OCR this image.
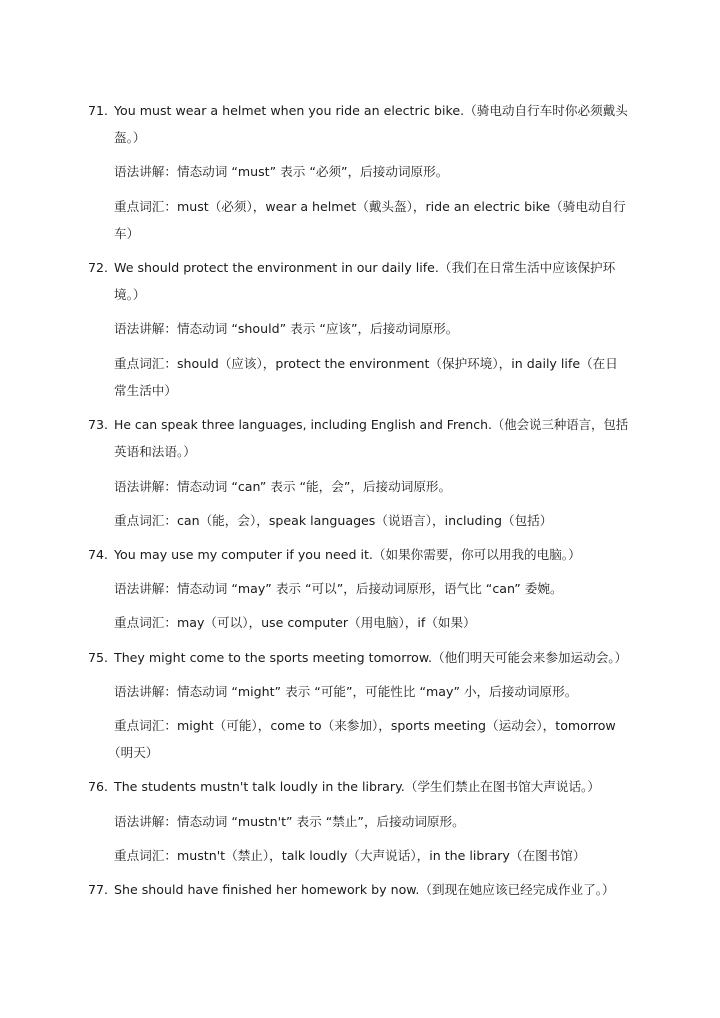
71. You must wear a helmet when you ride an electric bike.（骑电动自行车时你必须戴头
盔。）
语法讲解：情态动词 “must” 表示 “必须”，后接动词原形。
重点词汇：must（必须），wear a helmet（戴头盔），ride an electric bike（骑电动自行
车）
72. We should protect the environment in our daily life.（我们在日常生活中应该保护环
境。）
语法讲解：情态动词 “should” 表示 “应该”，后接动词原形。
重点词汇：should（应该），protect the environment（保护环境），in daily life（在日
常生活中）
73. He can speak three languages, including English and French.（他会说三种语言，包括
英语和法语。）
语法讲解：情态动词 “can” 表示 “能，会”，后接动词原形。
重点词汇：can（能，会），speak languages（说语言），including（包括）
74. You may use my computer if you need it.（如果你需要，你可以用我的电脑。）
语法讲解：情态动词 “may” 表示 “可以”，后接动词原形，语气比 “can” 委婉。
重点词汇：may（可以），use computer（用电脑），if（如果）
75. They might come to the sports meeting tomorrow.（他们明天可能会来参加运动会。）
语法讲解：情态动词 “might” 表示 “可能”，可能性比 “may” 小，后接动词原形。
重点词汇：might（可能），come to（来参加），sports meeting（运动会），tomorrow
（明天）
76. The students mustn't talk loudly in the library.（学生们禁止在图书馆大声说话。）
语法讲解：情态动词 “mustn't” 表示 “禁止”，后接动词原形。
重点词汇：mustn't（禁止），talk loudly（大声说话），in the library（在图书馆）
77. She should have finished her homework by now.（到现在她应该已经完成作业了。）
